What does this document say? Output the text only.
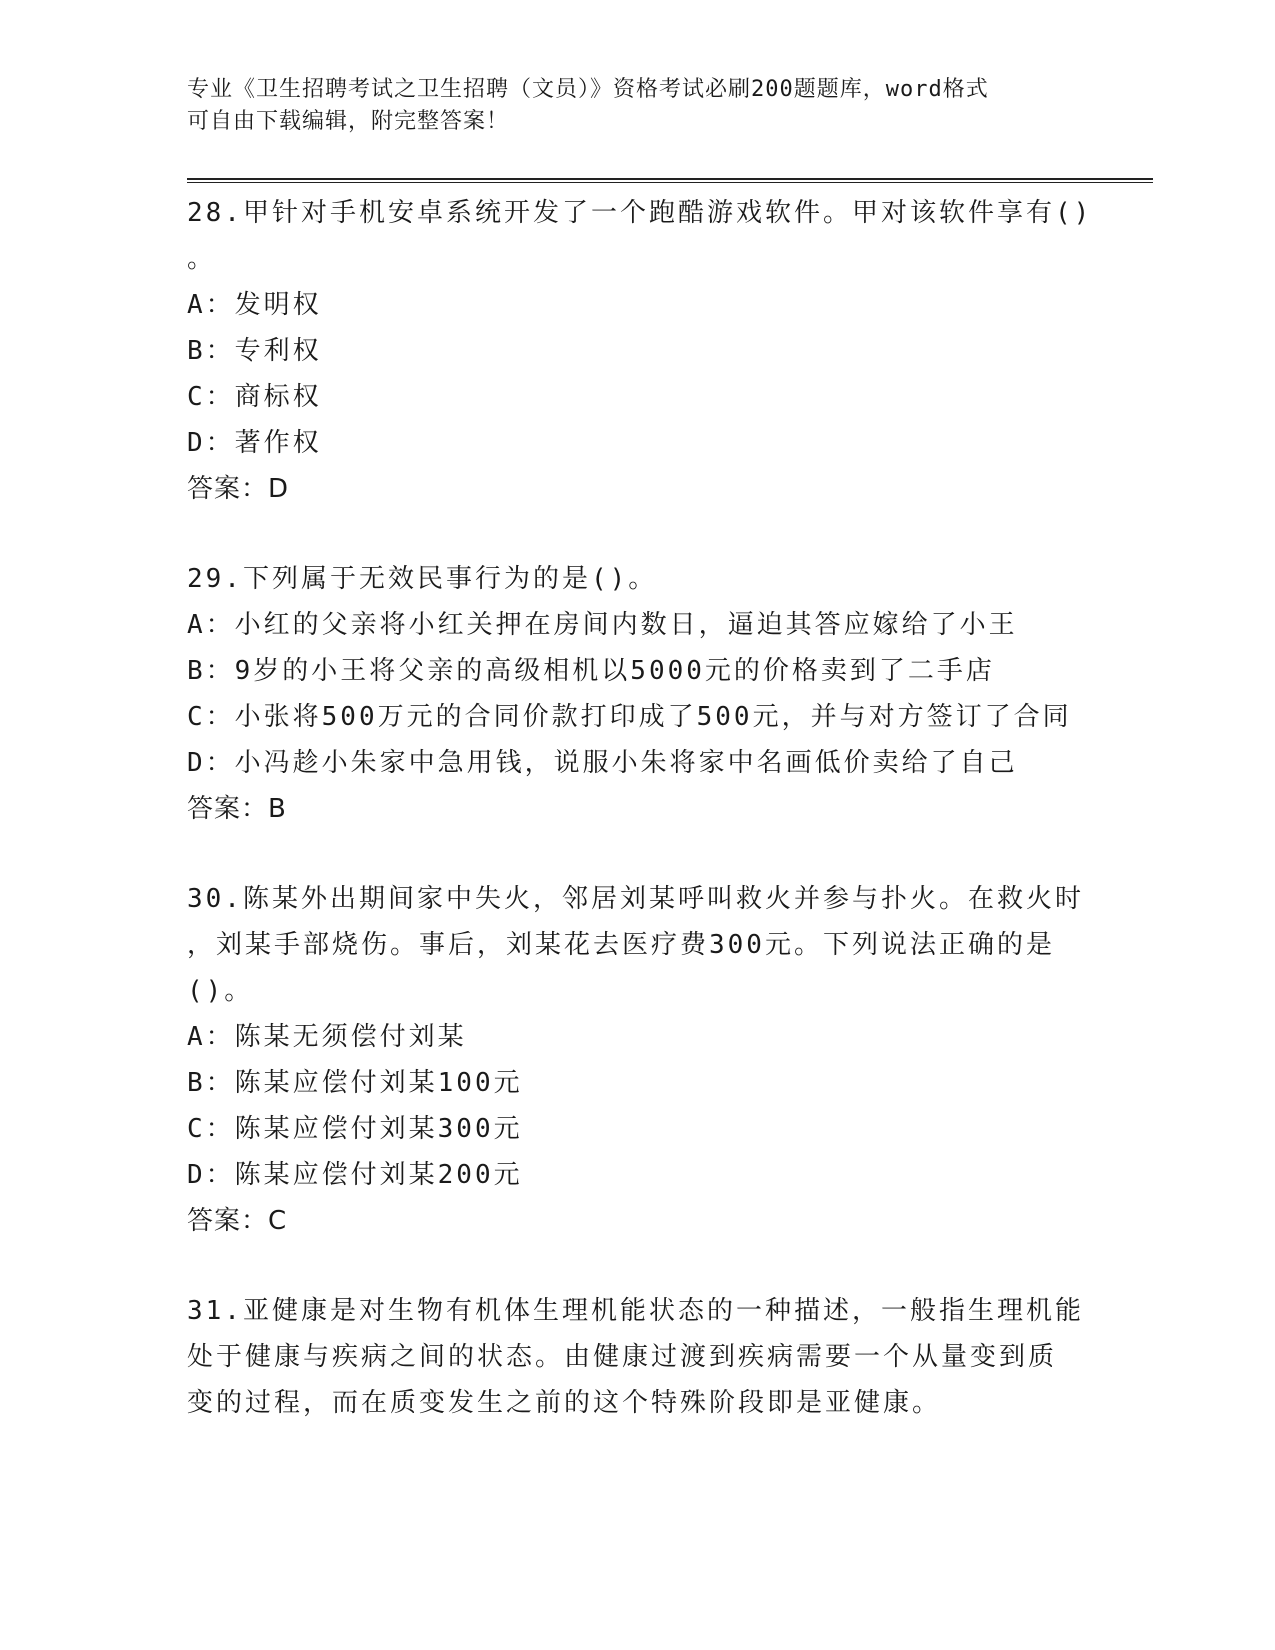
专业《卫生招聘考试之卫生招聘（文员）》资格考试必刷200题题库，word格式
可自由下载编辑，附完整答案！
28.甲针对手机安卓系统开发了一个跑酷游戏软件。甲对该软件享有()
。
A：发明权
B：专利权
C：商标权
D：著作权
答案：D
29.下列属于无效民事行为的是()。
A：小红的父亲将小红关押在房间内数日，逼迫其答应嫁给了小王
B：9岁的小王将父亲的高级相机以5000元的价格卖到了二手店
C：小张将500万元的合同价款打印成了500元，并与对方签订了合同
D：小冯趁小朱家中急用钱，说服小朱将家中名画低价卖给了自己
答案：B
30.陈某外出期间家中失火，邻居刘某呼叫救火并参与扑火。在救火时
，刘某手部烧伤。事后，刘某花去医疗费300元。下列说法正确的是
()。
A：陈某无须偿付刘某
B：陈某应偿付刘某100元
C：陈某应偿付刘某300元
D：陈某应偿付刘某200元
答案：C
31.亚健康是对生物有机体生理机能状态的一种描述，一般指生理机能
处于健康与疾病之间的状态。由健康过渡到疾病需要一个从量变到质
变的过程，而在质变发生之前的这个特殊阶段即是亚健康。
